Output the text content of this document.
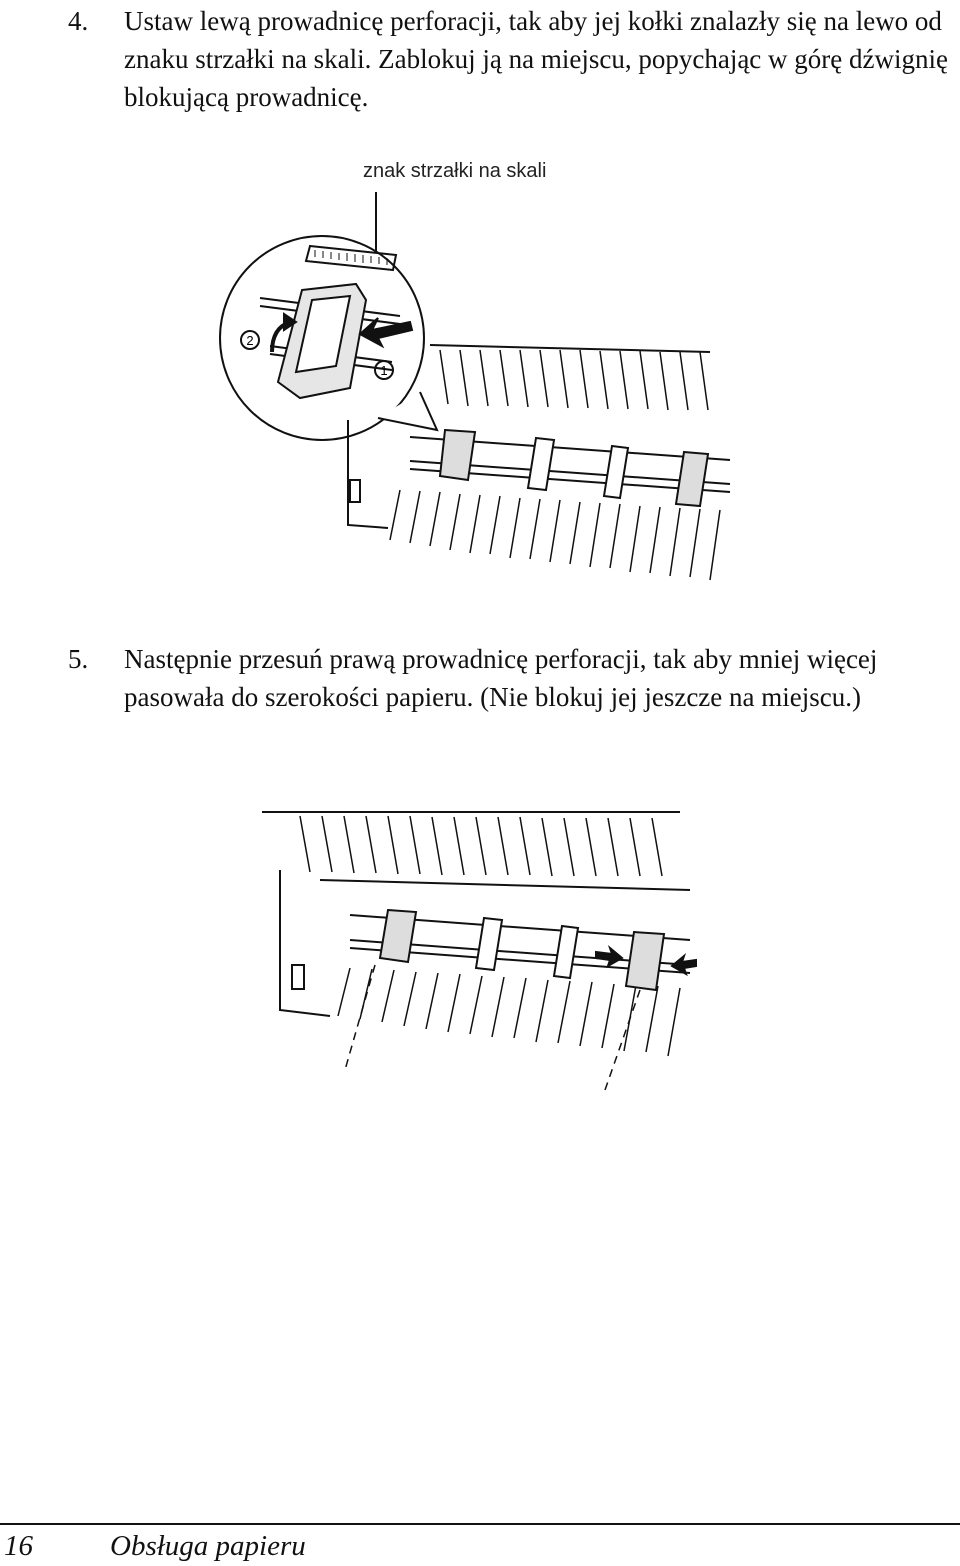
4. Ustaw lewą prowadnicę perforacji, tak aby jej kołki znalazły się na lewo od znaku strzałki na skali. Zablokuj ją na miejscu, popychając w górę dźwignię blokującą prowadnicę.
znak strzałki na skali
2
1
5. Następnie przesuń prawą prowadnicę perforacji, tak aby mniej więcej pasowała do szerokości papieru. (Nie blokuj jej jeszcze na miejscu.)
16	Obsługa papieru
